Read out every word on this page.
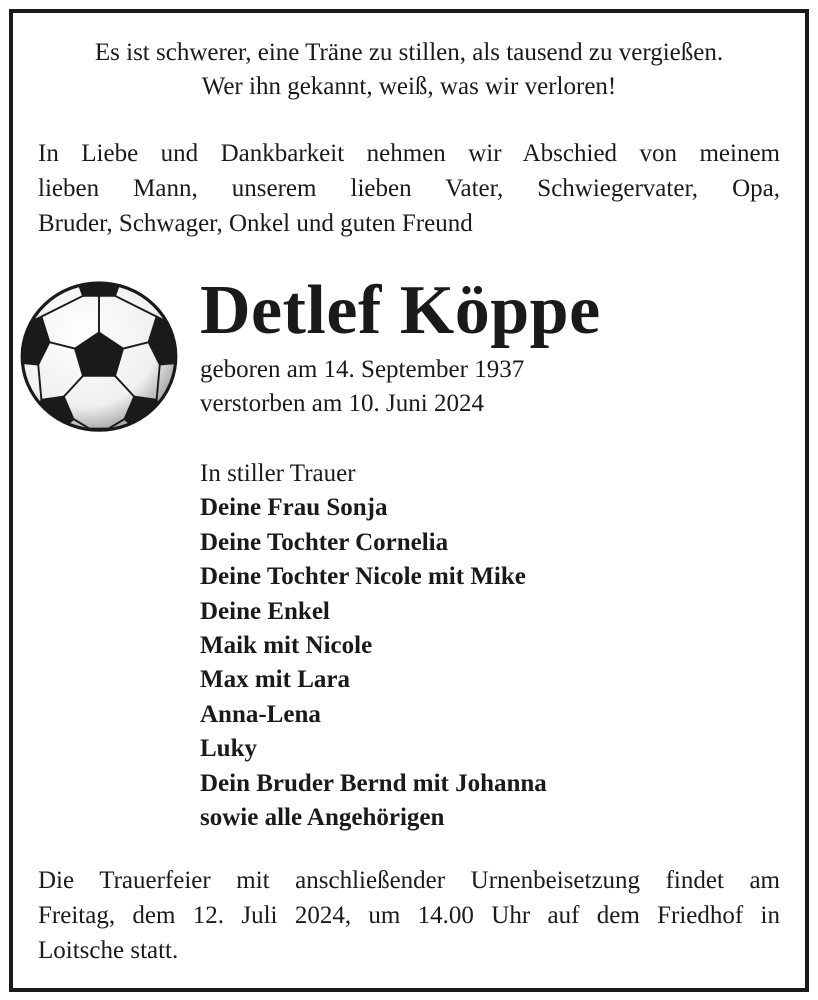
Es ist schwerer, eine Träne zu stillen, als tausend zu vergießen.
Wer ihn gekannt, weiß, was wir verloren!
In Liebe und Dankbarkeit nehmen wir Abschied von meinem
lieben Mann, unserem lieben Vater, Schwiegervater, Opa,
Bruder, Schwager, Onkel und guten Freund
Detlef Köppe
geboren am 14. September 1937
verstorben am 10. Juni 2024
In stiller Trauer
Deine Frau Sonja
Deine Tochter Cornelia
Deine Tochter Nicole mit Mike
Deine Enkel
Maik mit Nicole
Max mit Lara
Anna-Lena
Luky
Dein Bruder Bernd mit Johanna
sowie alle Angehörigen
Die Trauerfeier mit anschließender Urnenbeisetzung findet am
Freitag, dem 12. Juli 2024, um 14.00 Uhr auf dem Friedhof in
Loitsche statt.
